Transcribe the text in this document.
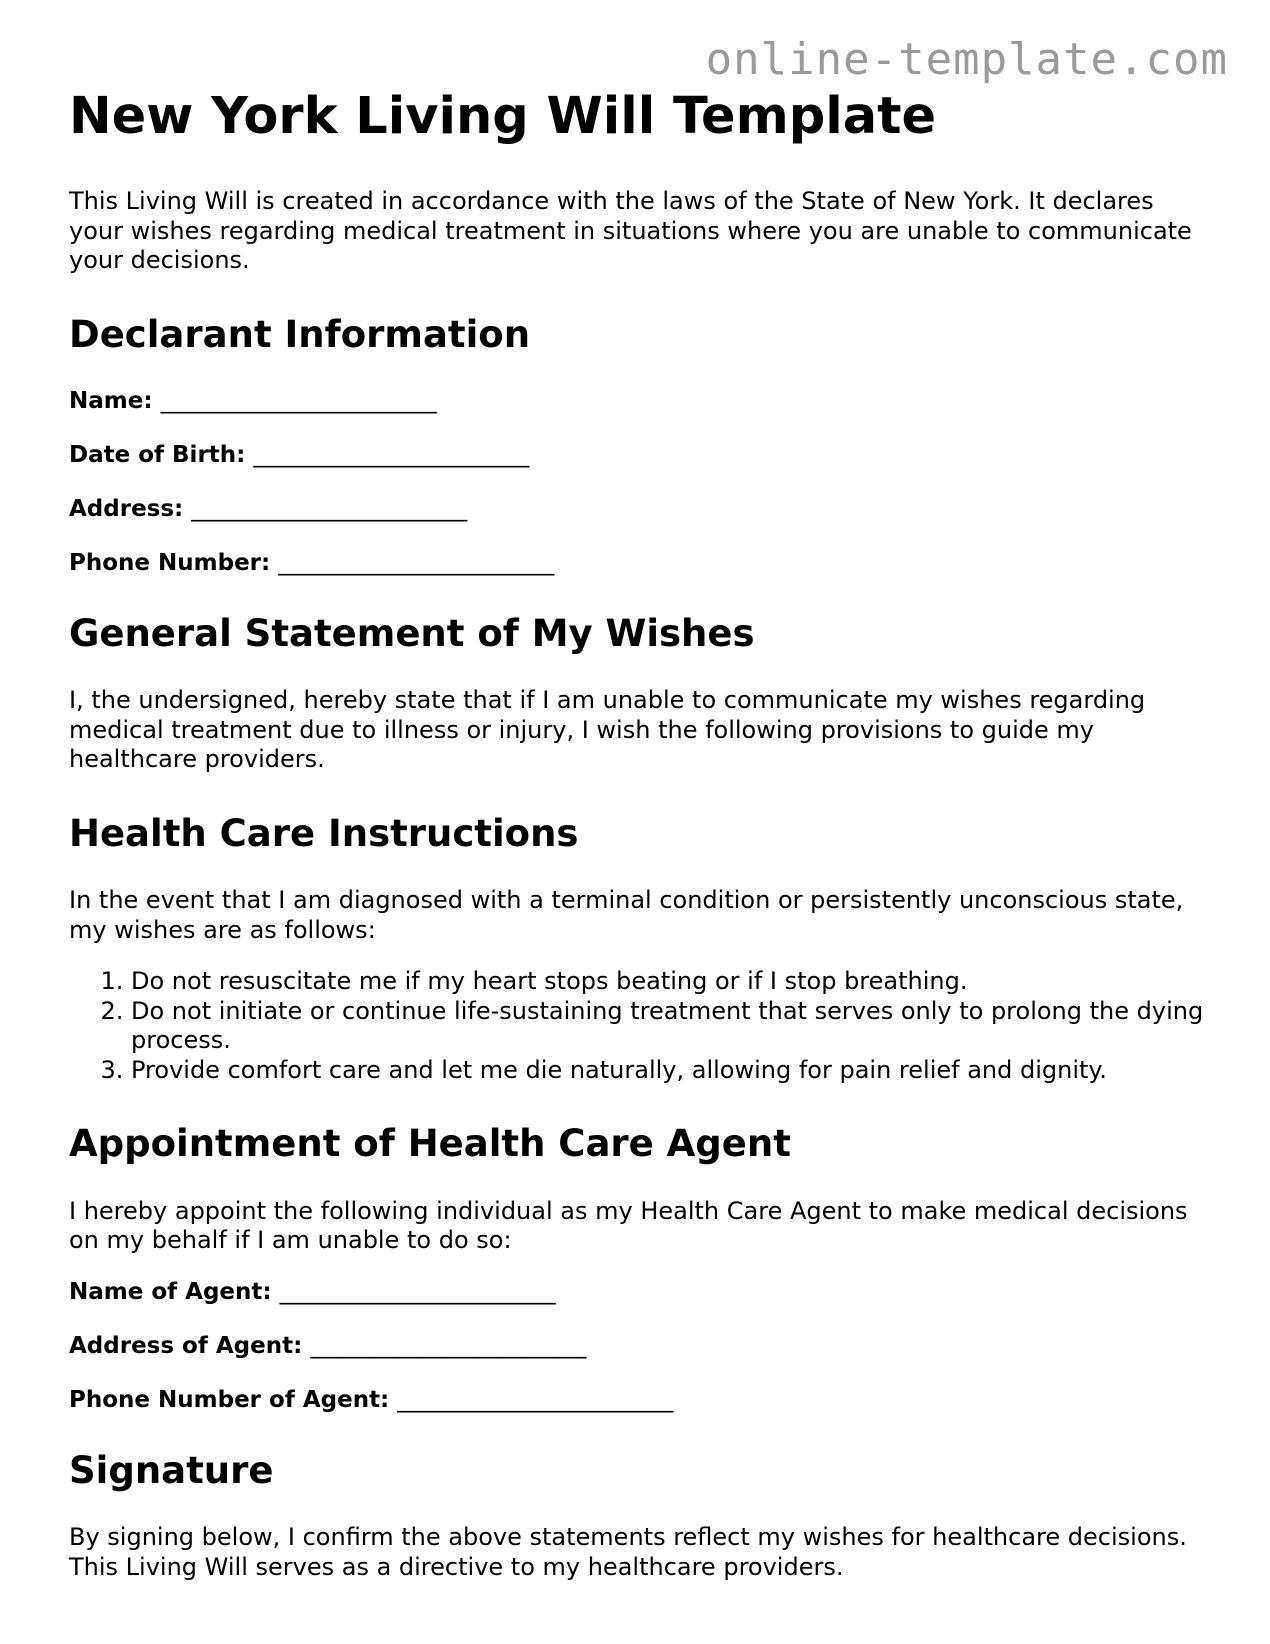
online-template.com
New York Living Will Template

This Living Will is created in accordance with the laws of the State of New York. It declares your wishes regarding medical treatment in situations where you are unable to communicate your decisions.

Declarant Information
Name: ________________________
Date of Birth: ________________________
Address: ________________________
Phone Number: ________________________
General Statement of My Wishes

I, the undersigned, hereby state that if I am unable to communicate my wishes regarding medical treatment due to illness or injury, I wish the following provisions to guide my healthcare providers.

Health Care Instructions

In the event that I am diagnosed with a terminal condition or persistently unconscious state, my wishes are as follows:

1. Do not resuscitate me if my heart stops beating or if I stop breathing.
2. Do not initiate or continue life-sustaining treatment that serves only to prolong the dying process.
3. Provide comfort care and let me die naturally, allowing for pain relief and dignity.
Appointment of Health Care Agent

I hereby appoint the following individual as my Health Care Agent to make medical decisions on my behalf if I am unable to do so:

Name of Agent: ________________________
Address of Agent: ________________________
Phone Number of Agent: ________________________
Signature

By signing below, I confirm the above statements reflect my wishes for healthcare decisions. This Living Will serves as a directive to my healthcare providers.
